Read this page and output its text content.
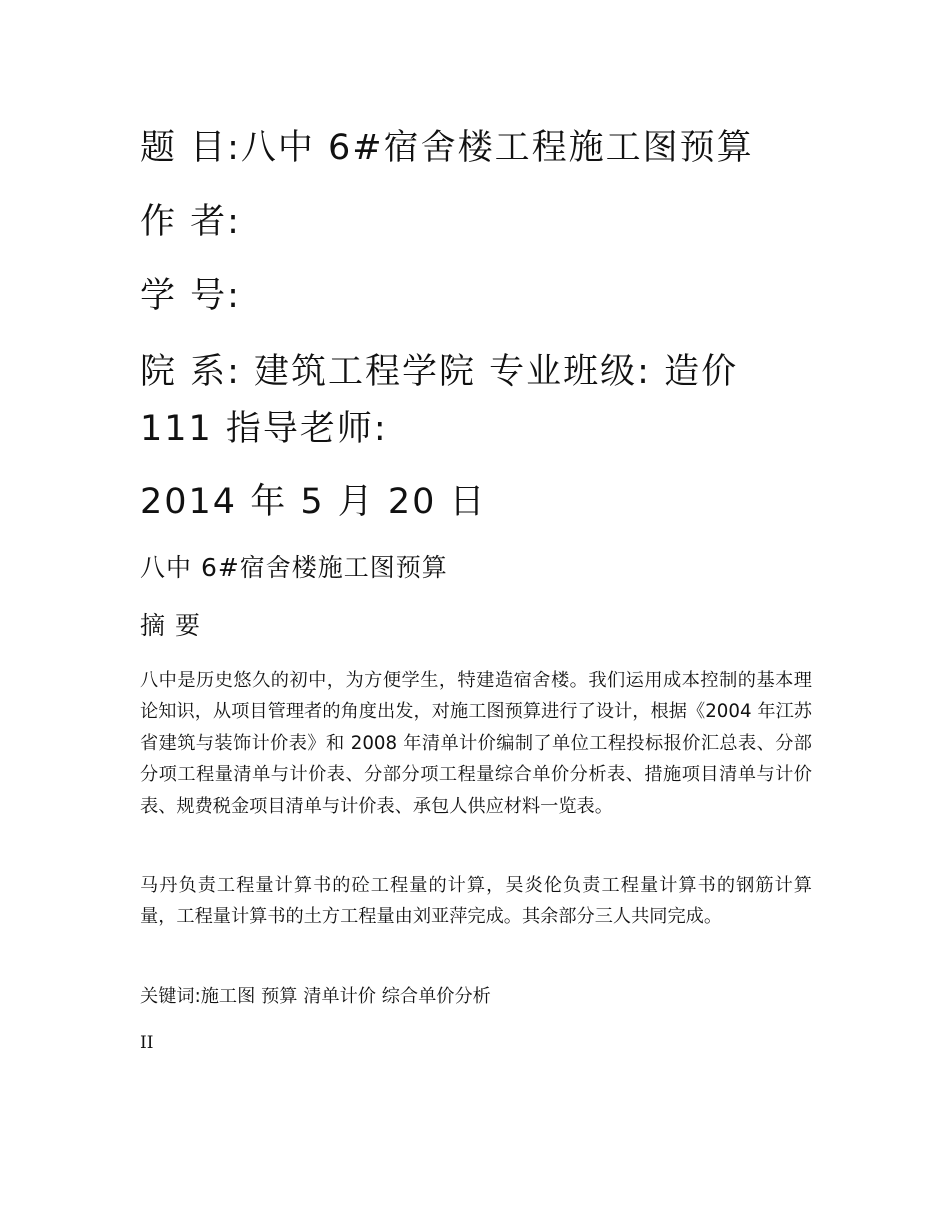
题 目:八中 6#宿舍楼工程施工图预算
作 者:
学 号:
院 系: 建筑工程学院 专业班级: 造价
111 指导老师:
2014 年 5 月 20 日
八中 6#宿舍楼施工图预算
摘 要

八中是历史悠久的初中，为方便学生，特建造宿舍楼。我们运用成本控制的基本理论知识，从项目管理者的角度出发，对施工图预算进行了设计，根据《2004 年江苏省建筑与装饰计价表》和 2008 年清单计价编制了单位工程投标报价汇总表、分部分项工程量清单与计价表、分部分项工程量综合单价分析表、措施项目清单与计价表、规费税金项目清单与计价表、承包人供应材料一览表。

马丹负责工程量计算书的砼工程量的计算，吴炎伦负责工程量计算书的钢筋计算量，工程量计算书的土方工程量由刘亚萍完成。其余部分三人共同完成。

关键词:施工图 预算 清单计价 综合单价分析
II
